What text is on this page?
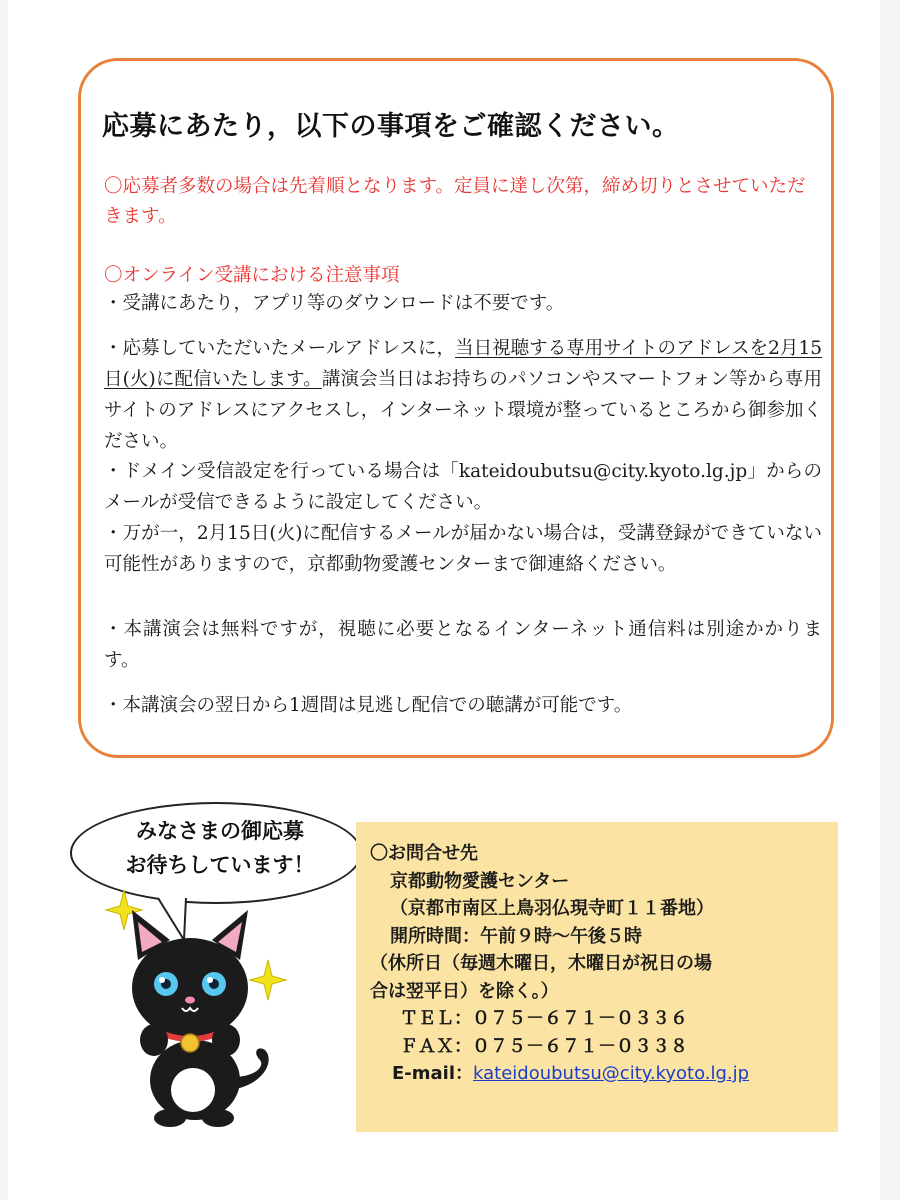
応募にあたり，以下の事項をご確認ください。
〇応募者多数の場合は先着順となります。定員に達し次第，締め切りとさせていただきます。
〇オンライン受講における注意事項
・受講にあたり，アプリ等のダウンロードは不要です。
・応募していただいたメールアドレスに，当日視聴する専用サイトのアドレスを2月15日(火)に配信いたします。講演会当日はお持ちのパソコンやスマートフォン等から専用サイトのアドレスにアクセスし，インターネット環境が整っているところから御参加ください。
・ドメイン受信設定を行っている場合は「kateidoubutsu@city.kyoto.lg.jp」からのメールが受信できるように設定してください。
・万が一，2月15日(火)に配信するメールが届かない場合は，受講登録ができていない可能性がありますので，京都動物愛護センターまで御連絡ください。
・本講演会は無料ですが，視聴に必要となるインターネット通信料は別途かかります。
・本講演会の翌日から1週間は見逃し配信での聴講が可能です。
みなさまの御応募
お待ちしています！	〇お問合せ先
京都動物愛護センター
（京都市南区上鳥羽仏現寺町１１番地）
開所時間：午前９時～午後５時
（休所日（毎週木曜日，木曜日が祝日の場
合は翌平日）を除く。）
ＴＥＬ：０７５－６７１－０３３６
ＦＡＸ：０７５－６７１－０３３８
E-mail：kateidoubutsu@city.kyoto.lg.jp
